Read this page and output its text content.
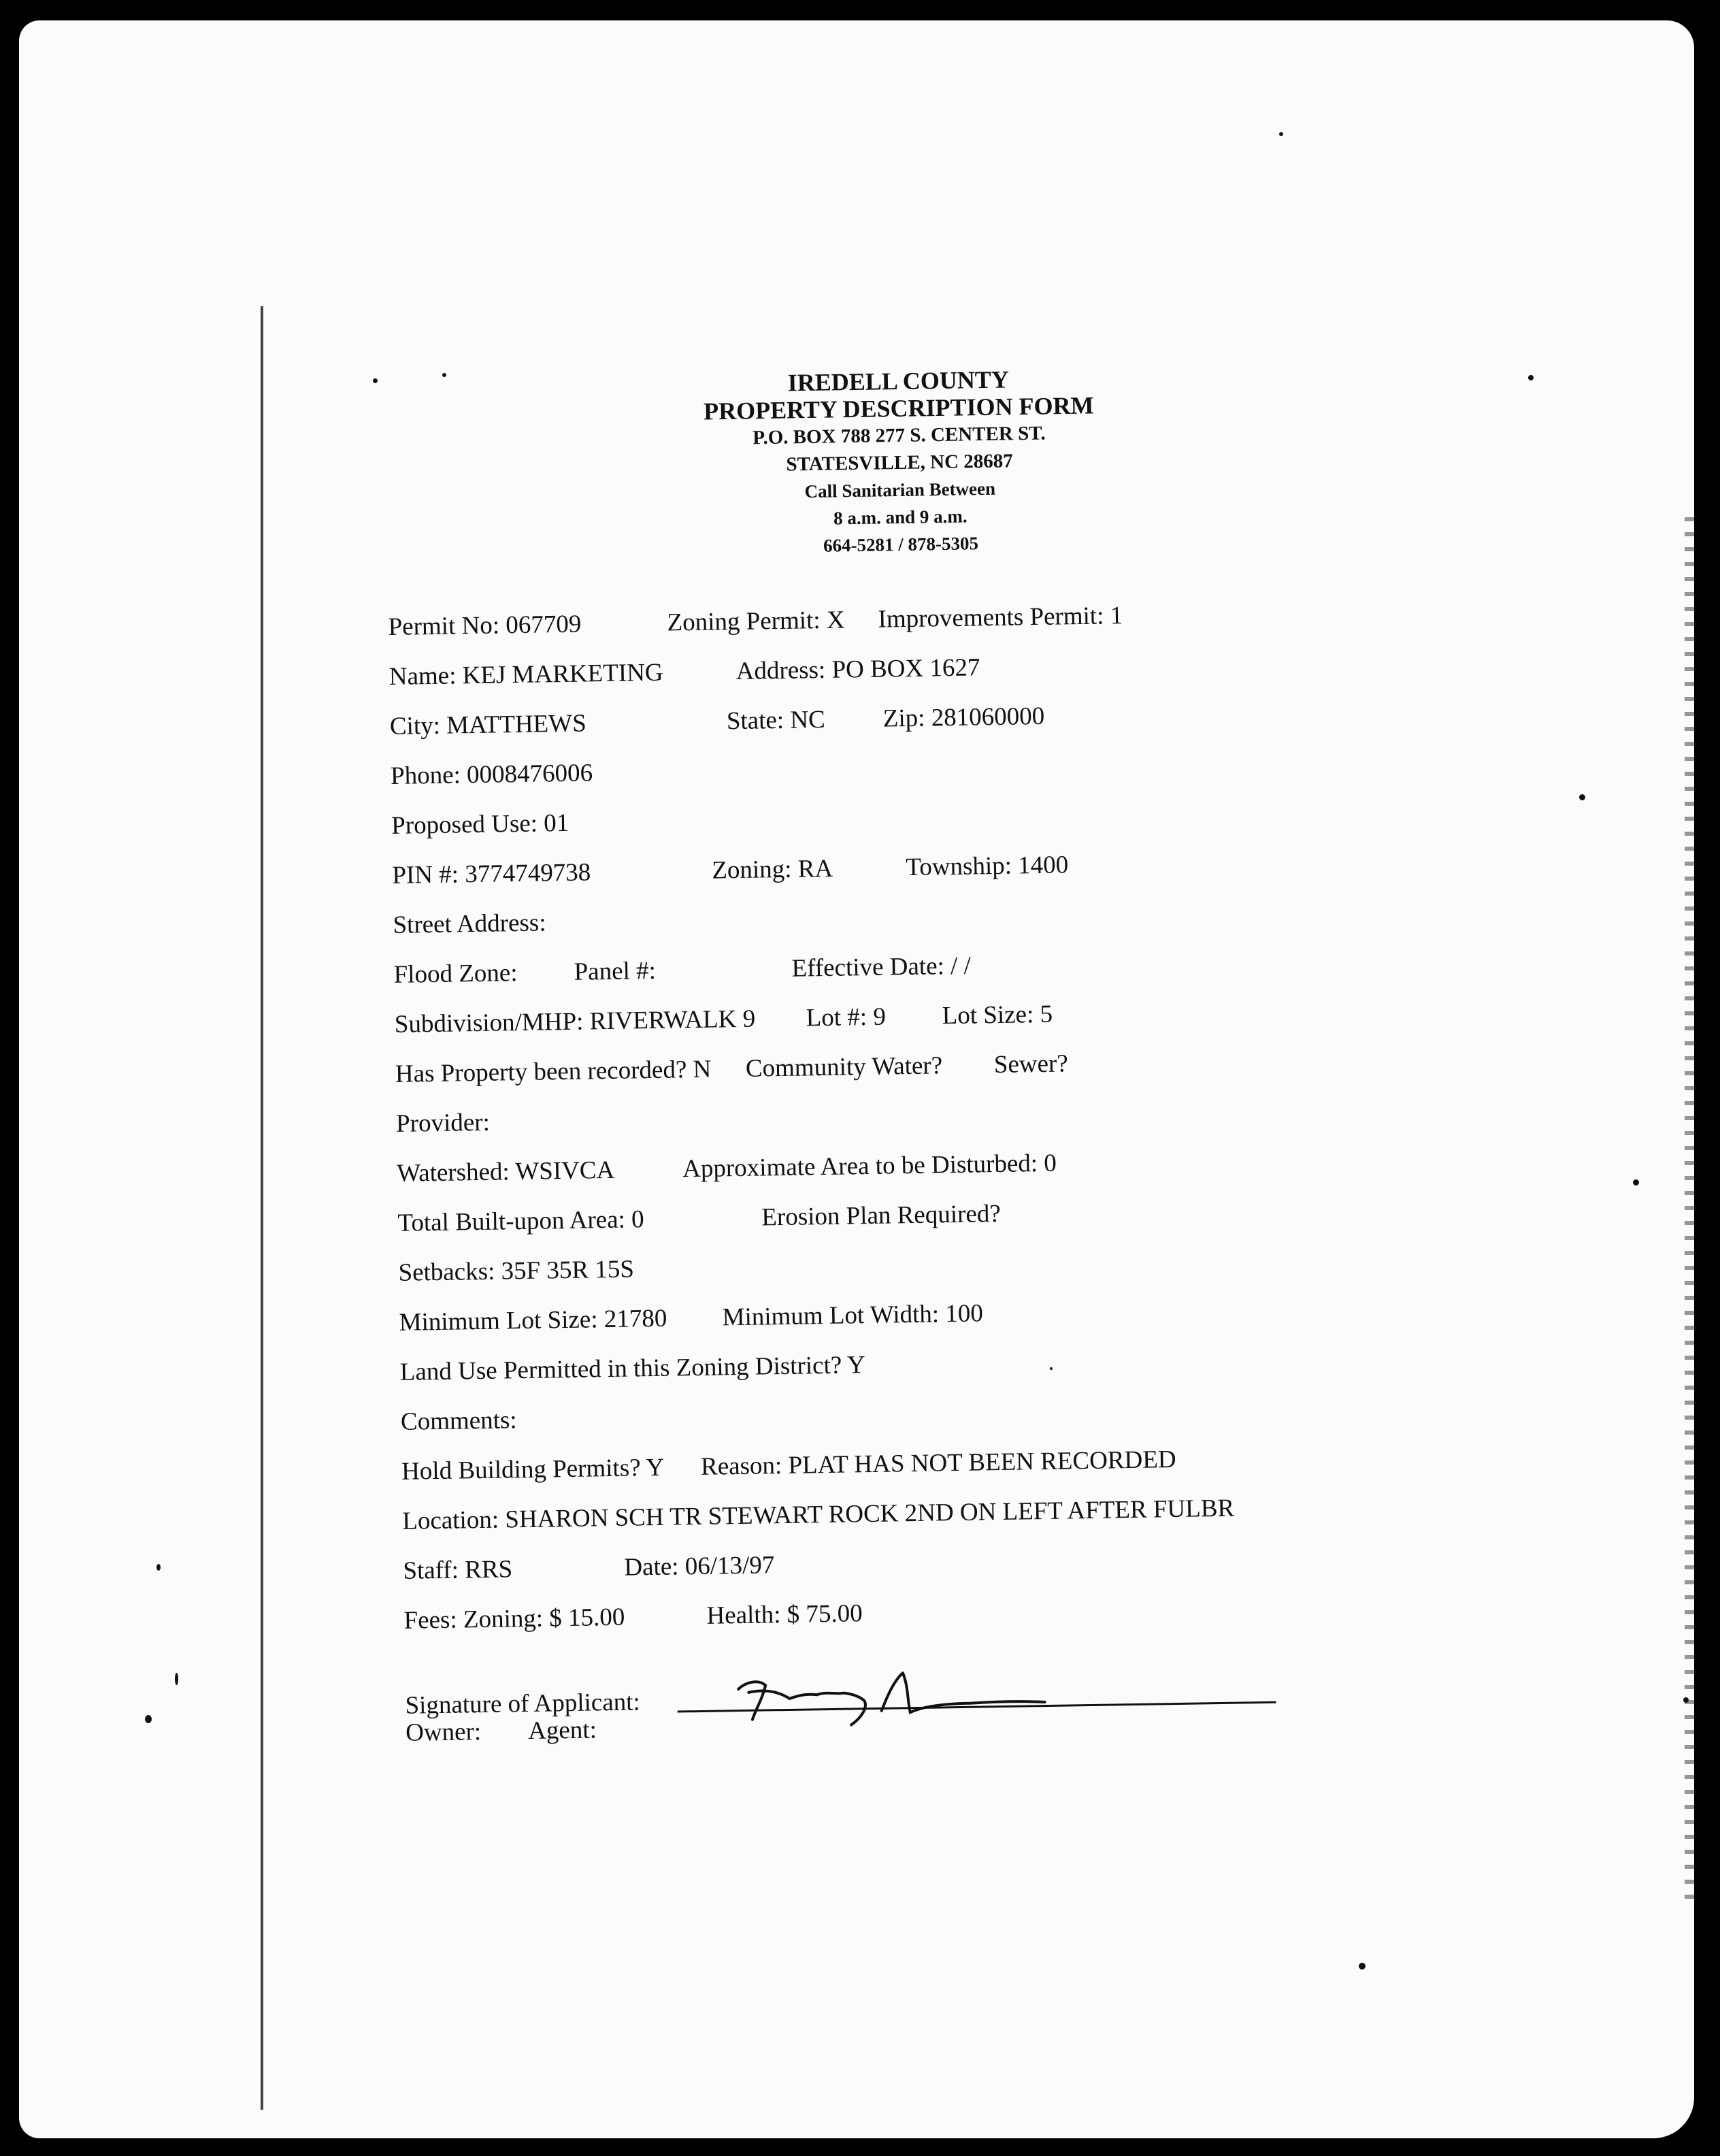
IREDELL COUNTY
PROPERTY DESCRIPTION FORM
P.O. BOX 788 277 S. CENTER ST.
STATESVILLE, NC 28687
Call Sanitarian Between
8 a.m. and 9 a.m.
664-5281 / 878-5305
Permit No: 067709	Zoning Permit: X Improvements Permit: 1
Name: KEJ MARKETING	Address: PO BOX 1627
City: MATTHEWS	State: NC Zip: 281060000
Phone: 0008476006
Proposed Use: 01
PIN #: 3774749738	Zoning: RA	Township: 1400
Street Address:
Flood Zone: Panel #:	Effective Date: / /
Subdivision/MHP: RIVERWALK 9 Lot #: 9 Lot Size: 5
Has Property been recorded? N Community Water? Sewer?
Provider:
Watershed: WSIVCA	Approximate Area to be Disturbed: 0
Total Built-upon Area: 0	Erosion Plan Required?
Setbacks: 35F 35R 15S
Minimum Lot Size: 21780 Minimum Lot Width: 100
Land Use Permitted in this Zoning District? Y
Comments:
Hold Building Permits? Y Reason: PLAT HAS NOT BEEN RECORDED
Location: SHARON SCH TR STEWART ROCK 2ND ON LEFT AFTER FULBR
Staff: RRS	Date: 06/13/97
Fees: Zoning: $ 15.00	Health: $ 75.00
Signature of Applicant:
Owner: Agent:
